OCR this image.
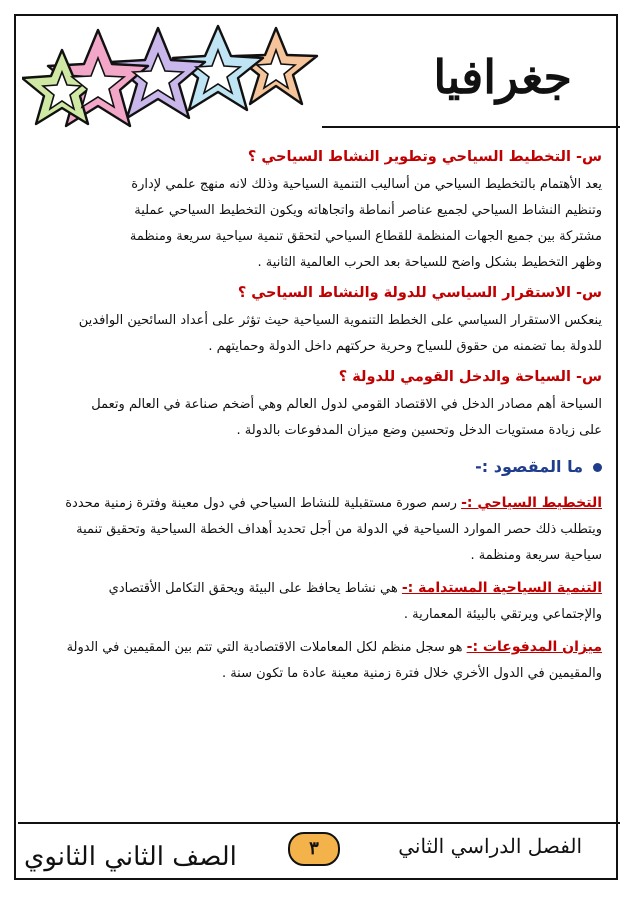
جغرافيا
س- التخطيط السياحي وتطوير النشاط السياحي ؟
يعد الأهتمام بالتخطيط السياحي من أساليب التنمية السياحية وذلك لانه منهج علمي لإدارة
وتنظيم النشاط السياحي لجميع عناصر أنماطة واتجاهاته ويكون التخطيط السياحي عملية
مشتركة بين جميع الجهات المنظمة للقطاع السياحي لتحقق تنمية سياحية سريعة ومنظمة
وظهر التخطيط بشكل واضح للسياحة بعد الحرب العالمية الثانية .
س- الاستقرار السياسي للدولة والنشاط السياحي ؟
ينعكس الاستقرار السياسي على الخطط التنموية السياحية حيث تؤثر على أعداد السائحين الوافدين
للدولة بما تضمنه من حقوق للسياح وحرية حركتهم داخل الدولة وحمايتهم .
س- السياحة والدخل القومي للدولة ؟
السياحة أهم مصادر الدخل في الاقتصاد القومي لدول العالم وهي أضخم صناعة في العالم وتعمل
على زيادة مستويات الدخل وتحسين وضع ميزان المدفوعات بالدولة .
ما المقصود :-
التخطيط السياحي :- رسم صورة مستقبلية للنشاط السياحي في دول معينة وفترة زمنية محددة
ويتطلب ذلك حصر الموارد السياحية في الدولة من أجل تحديد أهداف الخطة السياحية وتحقيق تنمية
سياحية سريعة ومنظمة .
التنمية السياحية المستدامة :- هي نشاط يحافظ على البيئة ويحقق التكامل الأقتصادي
والإجتماعي ويرتقي بالبيئة المعمارية .
ميزان المدفوعات :- هو سجل منظم لكل المعاملات الاقتصادية التي تتم بين المقيمين في الدولة
والمقيمين في الدول الأخري خلال فترة زمنية معينة عادة ما تكون سنة .
الصف الثاني الثانوي	٣	الفصل الدراسي الثاني
